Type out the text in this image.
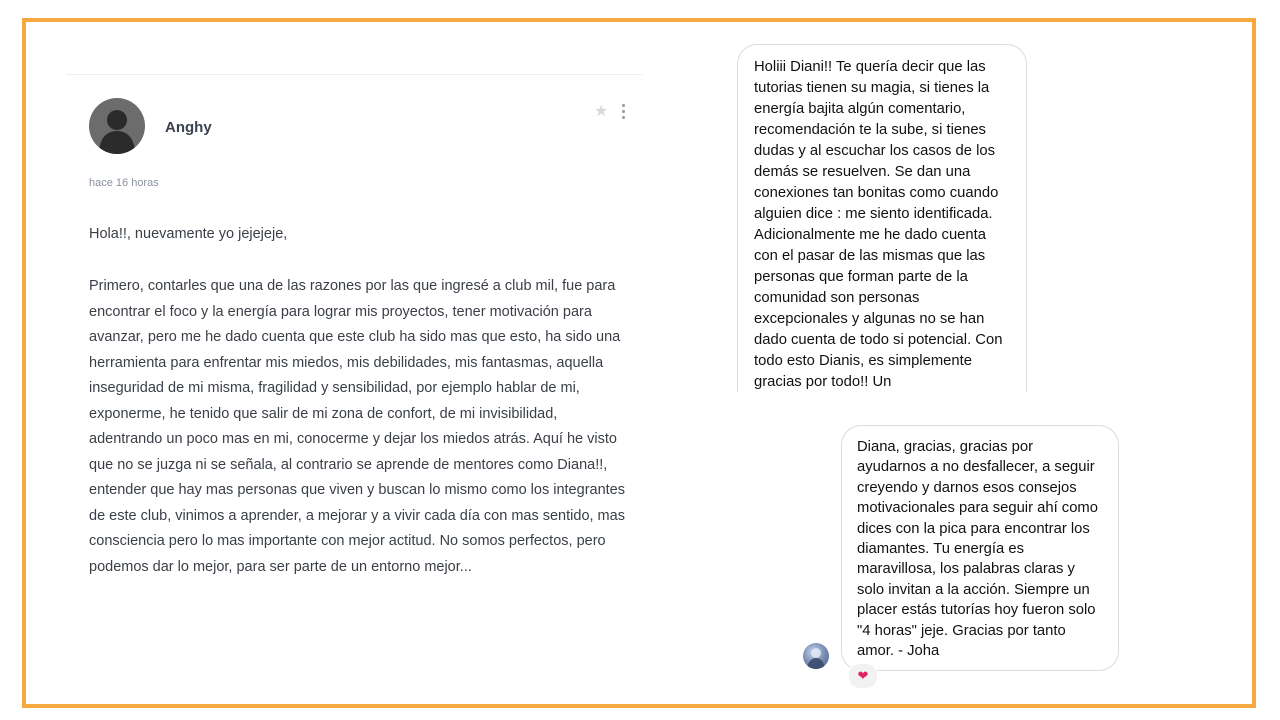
Anghy
★
hace 16 horas
Hola!!, nuevamente yo jejejeje,
Primero, contarles que una de las razones por las que ingresé a club mil, fue para encontrar el foco y la energía para lograr mis proyectos, tener motivación para avanzar, pero me he dado cuenta que este club ha sido mas que esto, ha sido una herramienta para enfrentar mis miedos, mis debilidades, mis fantasmas, aquella inseguridad de mi misma, fragilidad y sensibilidad, por ejemplo hablar de mi, exponerme, he tenido que salir de mi zona de confort, de mi invisibilidad, adentrando un poco mas en mi, conocerme y dejar los miedos atrás. Aquí he visto que no se juzga ni se señala, al contrario se aprende de mentores como Diana!!, entender que hay mas personas que viven y buscan lo mismo como los integrantes de este club, vinimos a aprender, a mejorar y a vivir cada día con mas sentido, mas consciencia pero lo mas importante con mejor actitud. No somos perfectos, pero podemos dar lo mejor, para ser parte de un entorno mejor...
Holiii Diani!! Te quería decir que las tutorias tienen su magia, si tienes la energía bajita algún comentario, recomendación te la sube, si tienes dudas y al escuchar los casos de los demás se resuelven. Se dan una conexiones tan bonitas como cuando alguien dice : me siento identificada. Adicionalmente me he dado cuenta con el pasar de las mismas que las personas que forman parte de la comunidad son personas excepcionales y algunas no se han dado cuenta de todo si potencial. Con todo esto Dianis, es simplemente gracias por todo!! Un
Diana, gracias, gracias por ayudarnos a no desfallecer, a seguir creyendo y darnos esos consejos motivacionales para seguir ahí como dices con la pica para encontrar los diamantes. Tu energía es maravillosa, los palabras claras y solo invitan a la acción. Siempre un placer estás tutorías hoy fueron solo "4 horas" jeje. Gracias por tanto amor. - Joha
❤
